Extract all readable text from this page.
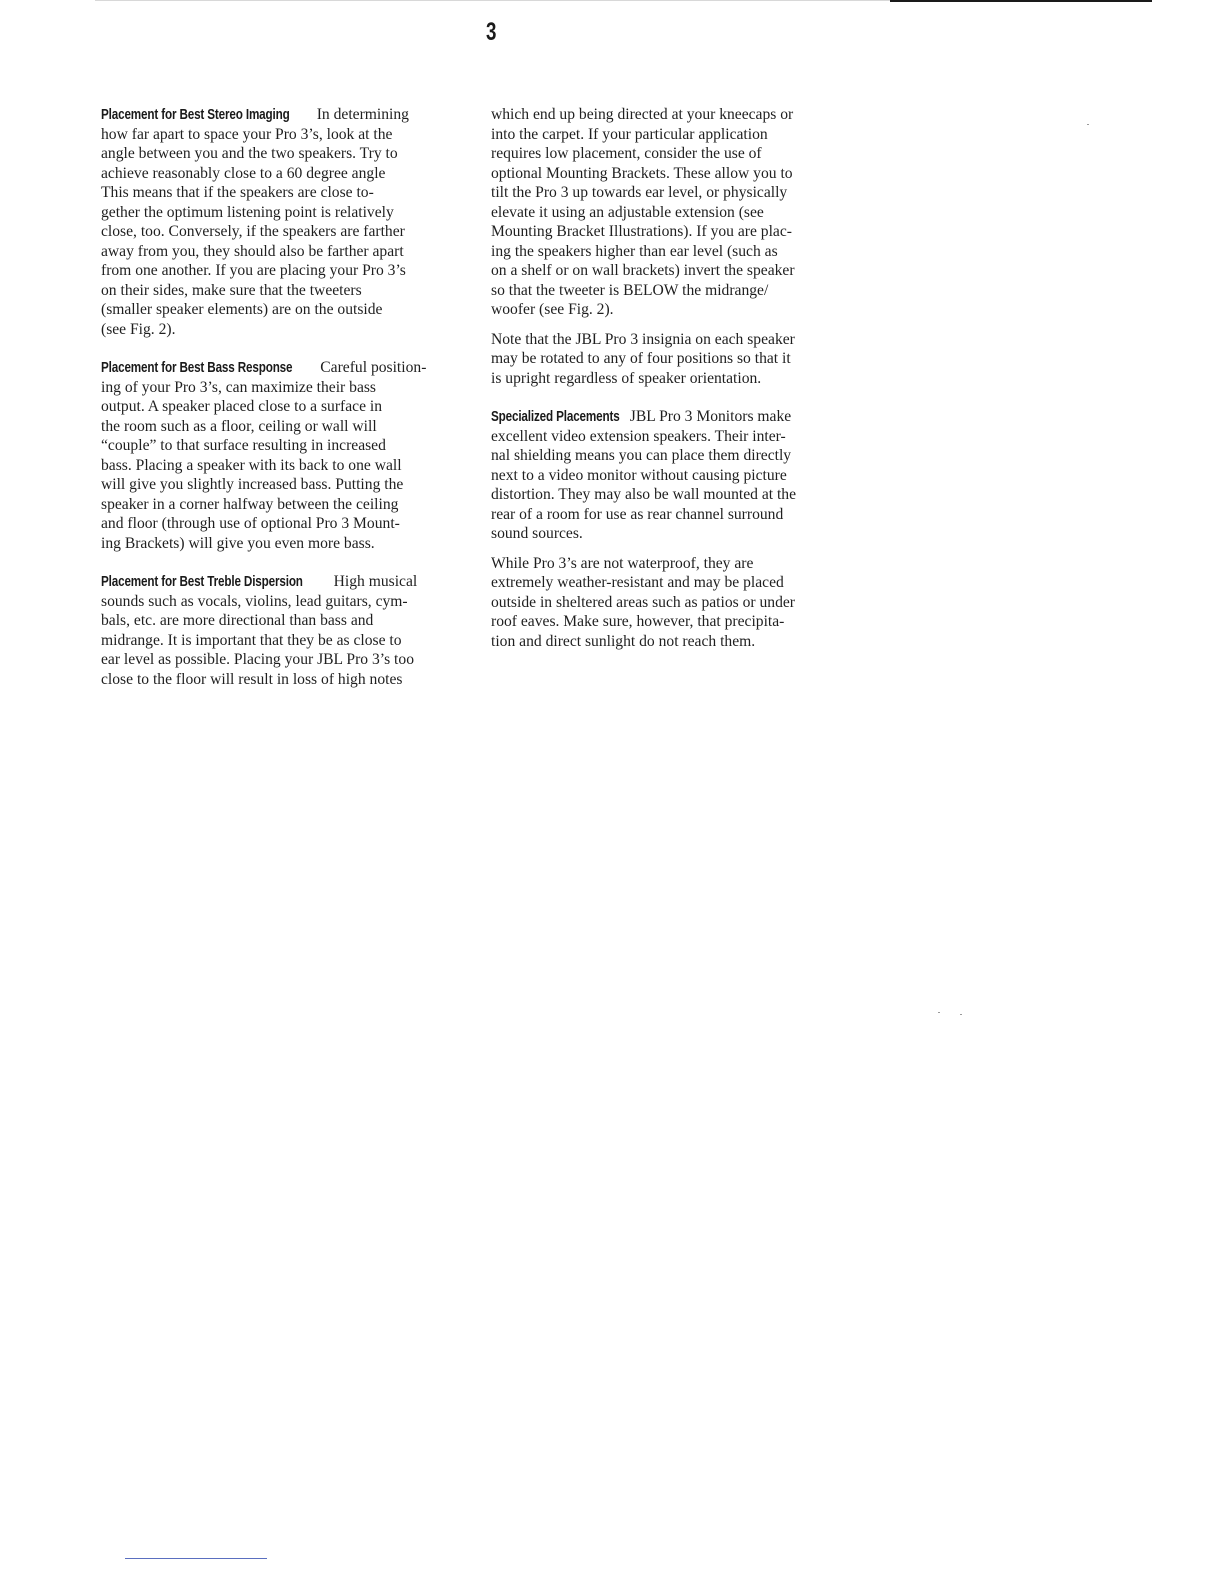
3

Placement for Best Stereo Imaging In determining
how far apart to space your Pro 3’s, look at the
angle between you and the two speakers. Try to
achieve reasonably close to a 60 degree angle
This means that if the speakers are close to-
gether the optimum listening point is relatively
close, too. Conversely, if the speakers are farther
away from you, they should also be farther apart
from one another. If you are placing your Pro 3’s
on their sides, make sure that the tweeters
(smaller speaker elements) are on the outside
(see Fig. 2).

Placement for Best Bass Response Careful position-
ing of your Pro 3’s, can maximize their bass
output. A speaker placed close to a surface in
the room such as a floor, ceiling or wall will
“couple” to that surface resulting in increased
bass. Placing a speaker with its back to one wall
will give you slightly increased bass. Putting the
speaker in a corner halfway between the ceiling
and floor (through use of optional Pro 3 Mount-
ing Brackets) will give you even more bass.

Placement for Best Treble Dispersion High musical
sounds such as vocals, violins, lead guitars, cym-
bals, etc. are more directional than bass and
midrange. It is important that they be as close to
ear level as possible. Placing your JBL Pro 3’s too
close to the floor will result in loss of high notes

which end up being directed at your kneecaps or
into the carpet. If your particular application
requires low placement, consider the use of
optional Mounting Brackets. These allow you to
tilt the Pro 3 up towards ear level, or physically
elevate it using an adjustable extension (see
Mounting Bracket Illustrations). If you are plac-
ing the speakers higher than ear level (such as
on a shelf or on wall brackets) invert the speaker
so that the tweeter is BELOW the midrange/
woofer (see Fig. 2).

Note that the JBL Pro 3 insignia on each speaker
may be rotated to any of four positions so that it
is upright regardless of speaker orientation.

Specialized Placements JBL Pro 3 Monitors make
excellent video extension speakers. Their inter-
nal shielding means you can place them directly
next to a video monitor without causing picture
distortion. They may also be wall mounted at the
rear of a room for use as rear channel surround
sound sources.

While Pro 3’s are not waterproof, they are
extremely weather-resistant and may be placed
outside in sheltered areas such as patios or under
roof eaves. Make sure, however, that precipita-
tion and direct sunlight do not reach them.
